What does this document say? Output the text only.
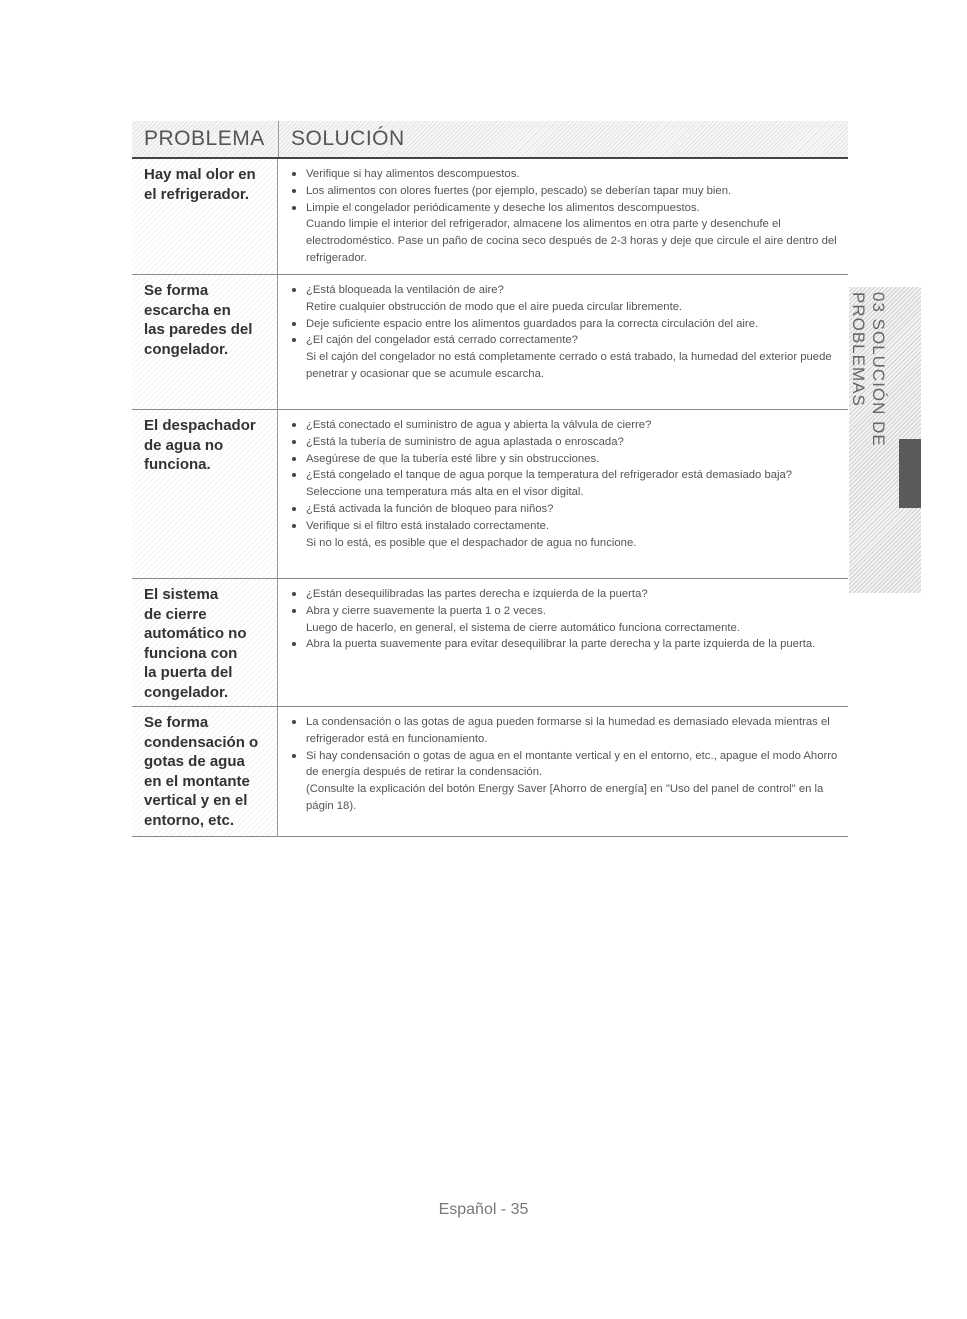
PROBLEMA	SOLUCIÓN
Hay mal olor en
el refrigerador.
Verifique si hay alimentos descompuestos.
Los alimentos con olores fuertes (por ejemplo, pescado) se deberían tapar muy bien.
Limpie el congelador periódicamente y deseche los alimentos descompuestos.
Cuando limpie el interior del refrigerador, almacene los alimentos en otra parte y desenchufe el electrodoméstico. Pase un paño de cocina seco después de 2-3 horas y deje que circule el aire dentro del refrigerador.
Se forma
escarcha en
las paredes del
congelador.
¿Está bloqueada la ventilación de aire?
Retire cualquier obstrucción de modo que el aire pueda circular libremente.
Deje suficiente espacio entre los alimentos guardados para la correcta circulación del aire.
¿El cajón del congelador está cerrado correctamente?
Si el cajón del congelador no está completamente cerrado o está trabado, la humedad del exterior puede penetrar y ocasionar que se acumule escarcha.
El despachador
de agua no
funciona.
¿Está conectado el suministro de agua y abierta la válvula de cierre?
¿Está la tubería de suministro de agua aplastada o enroscada?
Asegúrese de que la tubería esté libre y sin obstrucciones.
¿Está congelado el tanque de agua porque la temperatura del refrigerador está demasiado baja?
Seleccione una temperatura más alta en el visor digital.
¿Está activada la función de bloqueo para niños?
Verifique si el filtro está instalado correctamente.
Si no lo está, es posible que el despachador de agua no funcione.
El sistema
de cierre
automático no
funciona con
la puerta del
congelador.
¿Están desequilibradas las partes derecha e izquierda de la puerta?
Abra y cierre suavemente la puerta 1 o 2 veces.
Luego de hacerlo, en general, el sistema de cierre automático funciona correctamente.
Abra la puerta suavemente para evitar desequilibrar la parte derecha y la parte izquierda de la puerta.
Se forma
condensación o
gotas de agua
en el montante
vertical y en el
entorno, etc.
La condensación o las gotas de agua pueden formarse si la humedad es demasiado elevada mientras el refrigerador está en funcionamiento.
Si hay condensación o gotas de agua en el montante vertical y en el entorno, etc., apague el modo Ahorro de energía después de retirar la condensación.
(Consulte la explicación del botón Energy Saver [Ahorro de energía] en "Uso del panel de control" en la págin 18).
03 SOLUCIÓN DE PROBLEMAS
Español - 35
